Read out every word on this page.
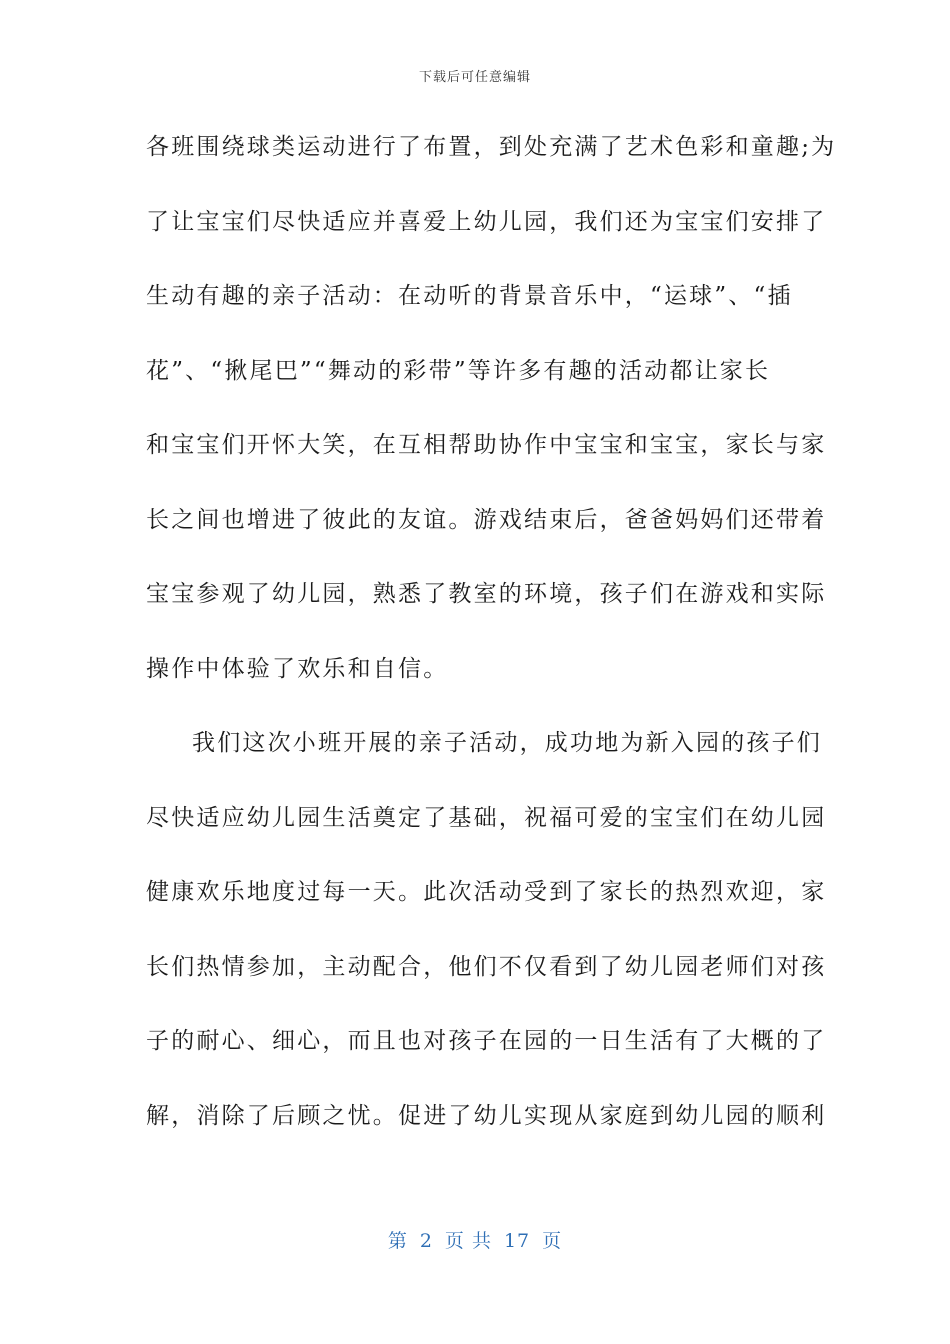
下载后可任意编辑
各班围绕球类运动进行了布置，到处充满了艺术色彩和童趣;为
了让宝宝们尽快适应并喜爱上幼儿园，我们还为宝宝们安排了
生动有趣的亲子活动：在动听的背景音乐中，“运球”、“插
花”、“揪尾巴”“舞动的彩带”等许多有趣的活动都让家长
和宝宝们开怀大笑，在互相帮助协作中宝宝和宝宝，家长与家
长之间也增进了彼此的友谊。游戏结束后，爸爸妈妈们还带着
宝宝参观了幼儿园，熟悉了教室的环境，孩子们在游戏和实际
操作中体验了欢乐和自信。
我们这次小班开展的亲子活动，成功地为新入园的孩子们
尽快适应幼儿园生活奠定了基础，祝福可爱的宝宝们在幼儿园
健康欢乐地度过每一天。此次活动受到了家长的热烈欢迎，家
长们热情参加，主动配合，他们不仅看到了幼儿园老师们对孩
子的耐心、细心，而且也对孩子在园的一日生活有了大概的了
解，消除了后顾之忧。促进了幼儿实现从家庭到幼儿园的顺利
第 2 页 共 17 页
